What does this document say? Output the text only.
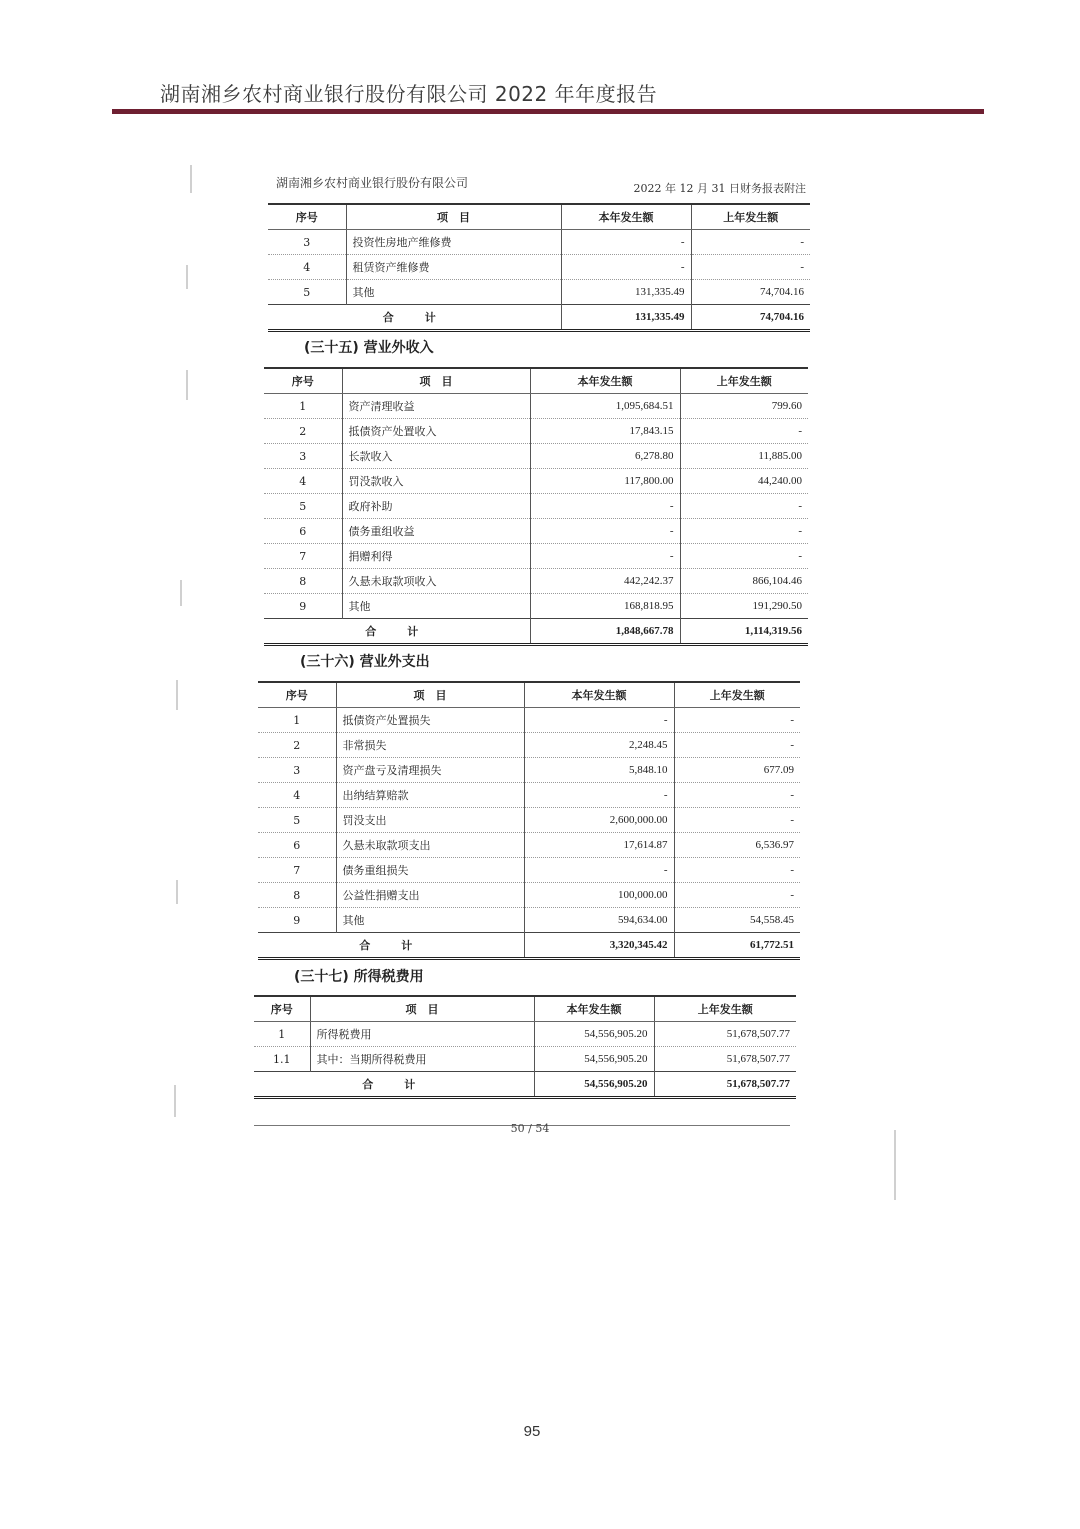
湖南湘乡农村商业银行股份有限公司 2022 年年度报告
湖南湘乡农村商业银行股份有限公司	2022 年 12 月 31 日财务报表附注
序号	项　目	本年发生额	上年发生额
3	投资性房地产维修费	-	-
4	租赁资产维修费	-	-
5	其他	131,335.49	74,704.16
合　计		131,335.49	74,704.16
(三十五) 营业外收入
序号	项　目	本年发生额	上年发生额
1	资产清理收益	1,095,684.51	799.60
2	抵债资产处置收入	17,843.15	-
3	长款收入	6,278.80	11,885.00
4	罚没款收入	117,800.00	44,240.00
5	政府补助	-	-
6	债务重组收益	-	-
7	捐赠利得	-	-
8	久悬未取款项收入	442,242.37	866,104.46
9	其他	168,818.95	191,290.50
合　计		1,848,667.78	1,114,319.56
(三十六) 营业外支出
序号	项　目	本年发生额	上年发生额
1	抵债资产处置损失	-	-
2	非常损失	2,248.45	-
3	资产盘亏及清理损失	5,848.10	677.09
4	出纳结算赔款	-	-
5	罚没支出	2,600,000.00	-
6	久悬未取款项支出	17,614.87	6,536.97
7	债务重组损失	-	-
8	公益性捐赠支出	100,000.00	-
9	其他	594,634.00	54,558.45
合　计		3,320,345.42	61,772.51
(三十七) 所得税费用
序号	项　目	本年发生额	上年发生额
1	所得税费用	54,556,905.20	51,678,507.77
1.1	其中：当期所得税费用	54,556,905.20	51,678,507.77
合　计		54,556,905.20	51,678,507.77
50 / 54
95
